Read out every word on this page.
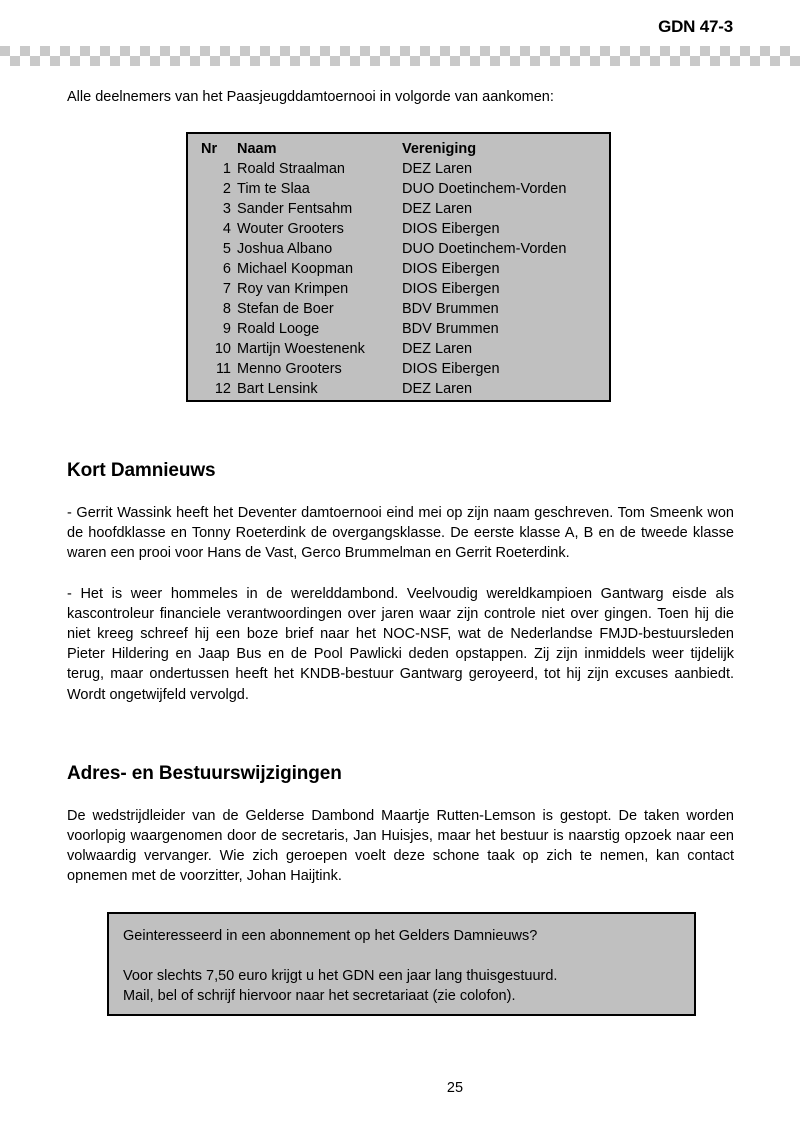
GDN 47-3
Alle deelnemers van het Paasjeugddamtoernooi in volgorde van aankomen:
Nr	Naam	Vereniging
1	Roald Straalman	DEZ Laren
2	Tim te Slaa	DUO Doetinchem-Vorden
3	Sander Fentsahm	DEZ Laren
4	Wouter Grooters	DIOS Eibergen
5	Joshua Albano	DUO Doetinchem-Vorden
6	Michael Koopman	DIOS Eibergen
7	Roy van Krimpen	DIOS Eibergen
8	Stefan de Boer	BDV Brummen
9	Roald Looge	BDV Brummen
10	Martijn Woestenenk	DEZ Laren
11	Menno Grooters	DIOS Eibergen
12	Bart Lensink	DEZ Laren
Kort Damnieuws

- Gerrit Wassink heeft het Deventer damtoernooi eind mei op zijn naam geschreven. Tom Smeenk won de hoofdklasse en Tonny Roeterdink de overgangsklasse. De eerste klasse A, B en de tweede klasse waren een prooi voor Hans de Vast, Gerco Brummelman en Gerrit Roeterdink.

- Het is weer hommeles in de werelddambond. Veelvoudig wereldkampioen Gantwarg eisde als kascontroleur financiele verantwoordingen over jaren waar zijn controle niet over gingen. Toen hij die niet kreeg schreef hij een boze brief naar het NOC-NSF, wat de Nederlandse FMJD-bestuursleden Pieter Hildering en Jaap Bus en de Pool Pawlicki deden opstappen. Zij zijn inmiddels weer tijdelijk terug, maar ondertussen heeft het KNDB-bestuur Gantwarg geroyeerd, tot hij zijn excuses aanbiedt. Wordt ongetwijfeld vervolgd.

Adres- en Bestuurswijzigingen

De wedstrijdleider van de Gelderse Dambond Maartje Rutten-Lemson is gestopt. De taken worden voorlopig waargenomen door de secretaris, Jan Huisjes, maar het bestuur is naarstig opzoek naar een volwaardig vervanger. Wie zich geroepen voelt deze schone taak op zich te nemen, kan contact opnemen met de voorzitter, Johan Haijtink.

Geinteresseerd in een abonnement op het Gelders Damnieuws?

Voor slechts 7,50 euro krijgt u het GDN een jaar lang thuisgestuurd.

Mail, bel of schrijf hiervoor naar het secretariaat (zie colofon).

25
